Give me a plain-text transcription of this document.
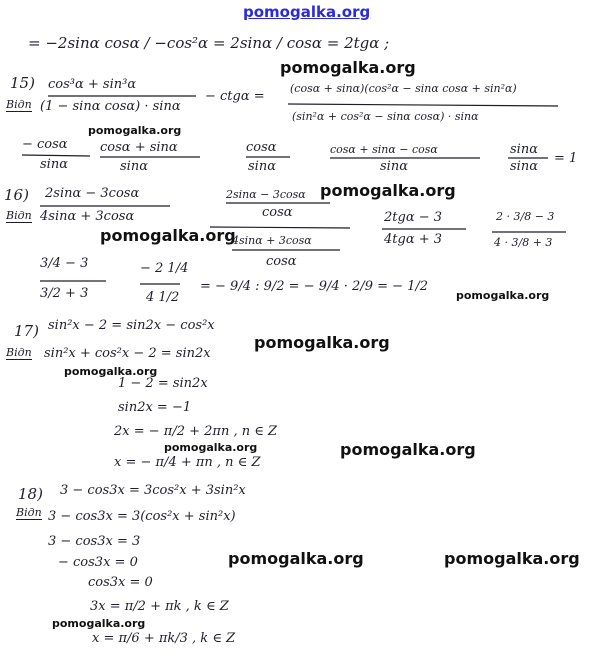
pomogalka.org
= −2sinα cosα / −cos²α = 2sinα / cosα = 2tgα ;
15)
Відп
cos³α + sin³α
(1 − sinα cosα) · sinα
− ctgα =
(cosα + sinα)(cos²α − sinα cosα + sin²α)
(sin²α + cos²α − sinα cosα) · sinα
− cosα
sinα
cosα + sinα
sinα
cosα
sinα
cosα + sinα − cosα
sinα
sinα
sinα
= 1
16)
Відп
2sinα − 3cosα
4sinα + 3cosα
2sinα − 3cosα
cosα
4sinα + 3cosα
cosα
2tgα − 3
4tgα + 3
2 · 3/8 − 3
4 · 3/8 + 3
3/4 − 3
3/2 + 3
− 2 1/4
4 1/2
= − 9/4 : 9/2 = − 9/4 · 2/9 = − 1/2
17) sin²x − 2 = sin2x − cos²x
Відп sin²x + cos²x − 2 = sin2x
1 − 2 = sin2x
sin2x = −1
2x = − π/2 + 2πn , n ∈ Z
x = − π/4 + πn , n ∈ Z
18) 3 − cos3x = 3cos²x + 3sin²x
Відп 3 − cos3x = 3(cos²x + sin²x)
3 − cos3x = 3
− cos3x = 0
cos3x = 0
3x = π/2 + πk , k ∈ Z
x = π/6 + πk/3 , k ∈ Z
pomogalka.org
pomogalka.org
pomogalka.org
pomogalka.org
pomogalka.org
pomogalka.org
pomogalka.org
pomogalka.org	pomogalka.org
pomogalka.org	pomogalka.org
pomogalka.org
